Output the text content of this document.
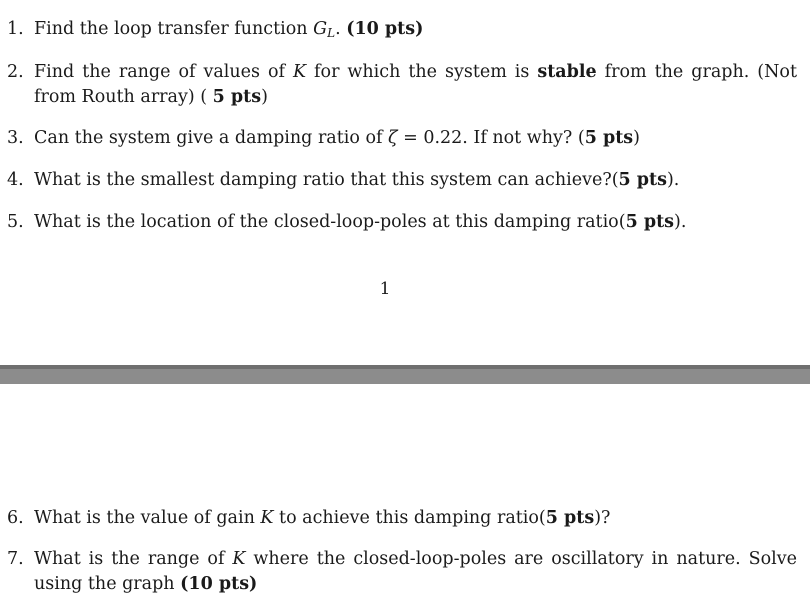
1. Find the loop transfer function $G_L$. (10 pts)
2. Find the range of values of K for which the system is stable from the graph. (Not
from Routh array) ( 5 pts)
3. Can the system give a damping ratio of ζ = 0.22. If not why? (5 pts)
4. What is the smallest damping ratio that this system can achieve?(5 pts).
5. What is the location of the closed-loop-poles at this damping ratio(5 pts).
1
6. What is the value of gain K to achieve this damping ratio(5 pts)?
7. What is the range of K where the closed-loop-poles are oscillatory in nature. Solve
using the graph (10 pts)
